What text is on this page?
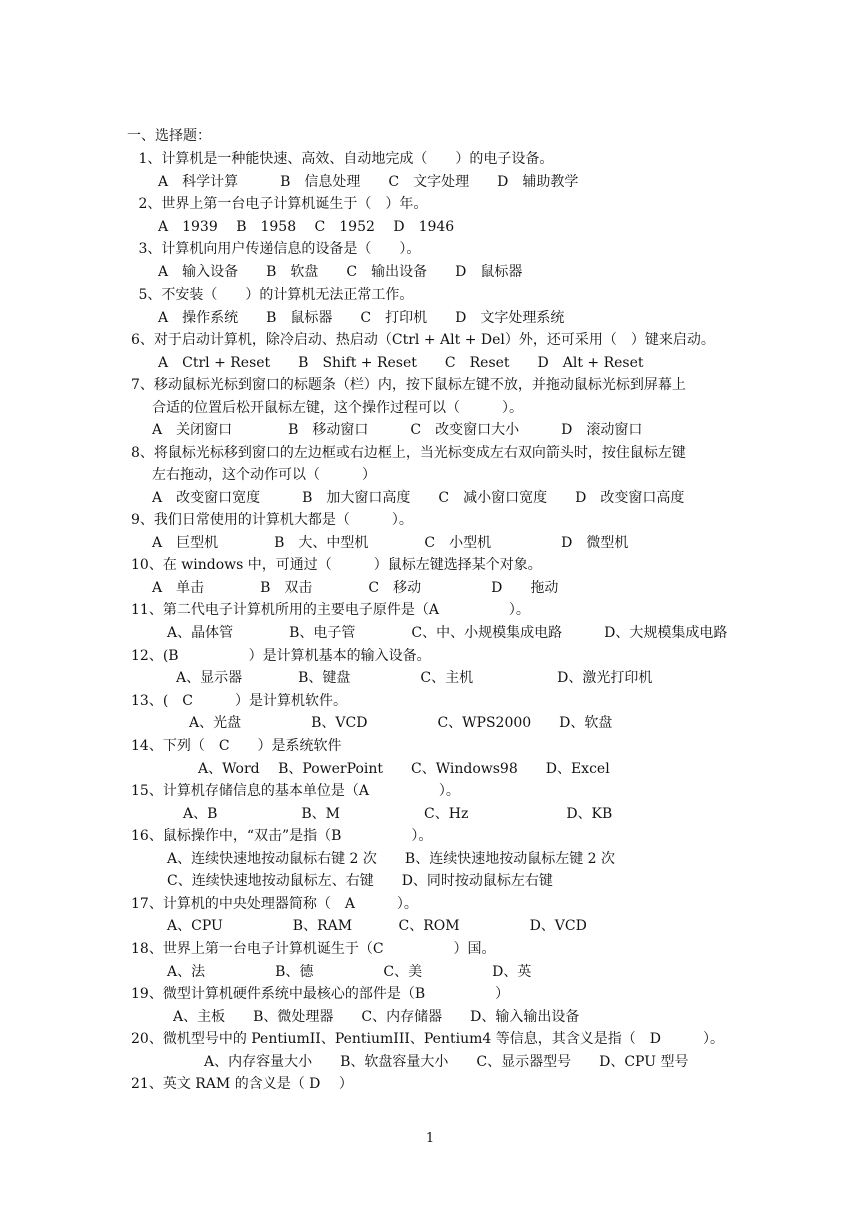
一、选择题：
1、计算机是一种能快速、高效、自动地完成（　　）的电子设备。
A　科学计算　　　B　信息处理　　C　文字处理　　D　辅助教学
2、世界上第一台电子计算机诞生于（　）年。
A　1939　 B　1958　 C　1952　 D　1946
3、计算机向用户传递信息的设备是（　　）。
A　输入设备　　B　软盘　　C　输出设备　　D　鼠标器
5、不安装（　　）的计算机无法正常工作。
A　操作系统　　B　鼠标器　　C　打印机　　D　文字处理系统
6、对于启动计算机，除冷启动、热启动（Ctrl + Alt + Del）外，还可采用（　）键来启动。
A　Ctrl + Reset　　B　Shift + Reset　　C　Reset　　D　Alt + Reset
7、移动鼠标光标到窗口的标题条（栏）内，按下鼠标左键不放，并拖动鼠标光标到屏幕上
合适的位置后松开鼠标左键，这个操作过程可以（　　　）。
A　关闭窗口　　　　B　移动窗口　　　C　改变窗口大小　　　D　滚动窗口
8、将鼠标光标移到窗口的左边框或右边框上，当光标变成左右双向箭头时，按住鼠标左键
左右拖动，这个动作可以（　　　）
A　改变窗口宽度　　　B　加大窗口高度　　C　减小窗口宽度　　D　改变窗口高度
9、我们日常使用的计算机大都是（　　　）。
A　巨型机　　　　B　大、中型机　　　　C　小型机　　　　　D　微型机
10、在 windows 中，可通过（　　　）鼠标左键选择某个对象。
A　单击　　　　B　双击　　　　C　移动　　　　　D　　拖动
11、第二代电子计算机所用的主要电子原件是（A　　　　　）。
A、晶体管　　　　B、电子管　　　　C、中、小规模集成电路　　　D、大规模集成电路
12、(B　　　　　）是计算机基本的输入设备。
A、显示器　　　　B、键盘　　　　　C、主机　　　　　　D、激光打印机
13、(　C　　　）是计算机软件。
A、光盘　　　　　B、VCD　　　　　C、WPS2000　　D、软盘
14、下列（　C　　）是系统软件
A、Word　 B、PowerPoint　　C、Windows98　　D、Excel
15、计算机存储信息的基本单位是（A　　　　　）。
A、B　　　　　　B、M　　　　　　C、Hz　　　　　　　D、KB
16、鼠标操作中，“双击”是指（B　　　　　）。
A、连续快速地按动鼠标右键 2 次　　B、连续快速地按动鼠标左键 2 次
C、连续快速地按动鼠标左、右键　　D、同时按动鼠标左右键
17、计算机的中央处理器简称（　A　　　）。
A、CPU　　　　　B、RAM　　　 C、ROM　　　　　D、VCD
18、世界上第一台电子计算机诞生于（C　　　　　）国。
A、法　　　　　B、德　　　　　C、美　　　　　D、英
19、微型计算机硬件系统中最核心的部件是（B　　　　　）
A、主板　　B、微处理器　　C、内存储器　　D、输入输出设备
20、微机型号中的 PentiumII、PentiumIII、Pentium4 等信息，其含义是指（　D　　　）。
A、内存容量大小　　B、软盘容量大小　　C、显示器型号　　D、CPU 型号
21、英文 RAM 的含义是（ D　 ）
1
